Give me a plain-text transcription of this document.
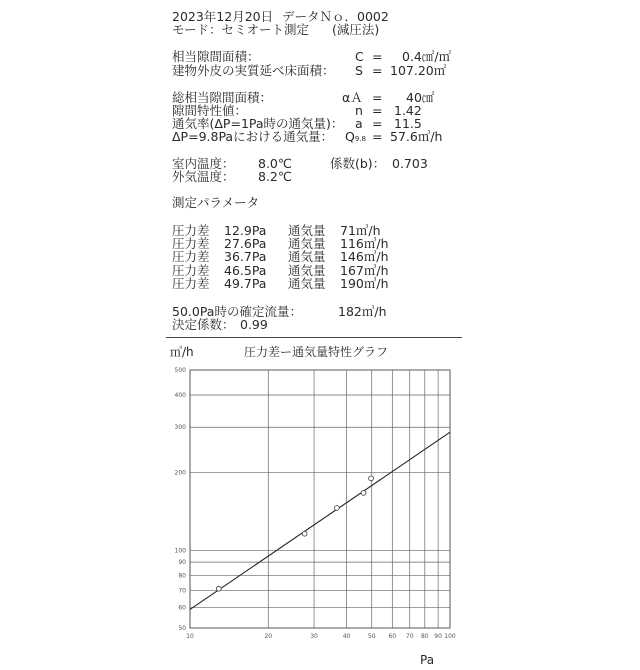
2023年12月20日 データＮｏ．0002
モード：セミオート測定 (減圧法)
相当隙間面積：	C = 0.4㎠/㎡
建物外皮の実質延べ床面積： S = 107.20㎡
総相当隙間面積：	αＡ = 40㎠
隙間特性値：	n = 1.42
通気率(ΔP=1Pa時の通気量)： a = 11.5
ΔP=9.8Paにおける通気量： Q9.8 = 57.6㎥/h
室内温度： 8.0℃	係数(b)： 0.703
外気温度： 8.2℃
測定パラメータ
圧力差 12.9Pa 通気量 71㎥/h
圧力差 27.6Pa 通気量 116㎥/h
圧力差 36.7Pa 通気量 146㎥/h
圧力差 46.5Pa 通気量 167㎥/h
圧力差 49.7Pa 通気量 190㎥/h
50.0Pa時の確定流量：	182㎥/h
決定係数： 0.99
10	20	30	40	50 60 70 80 90 100
50
60
70
80
90
100
200
300
400
500
圧力差ー通気量特性グラフ
㎥/h
Pa
